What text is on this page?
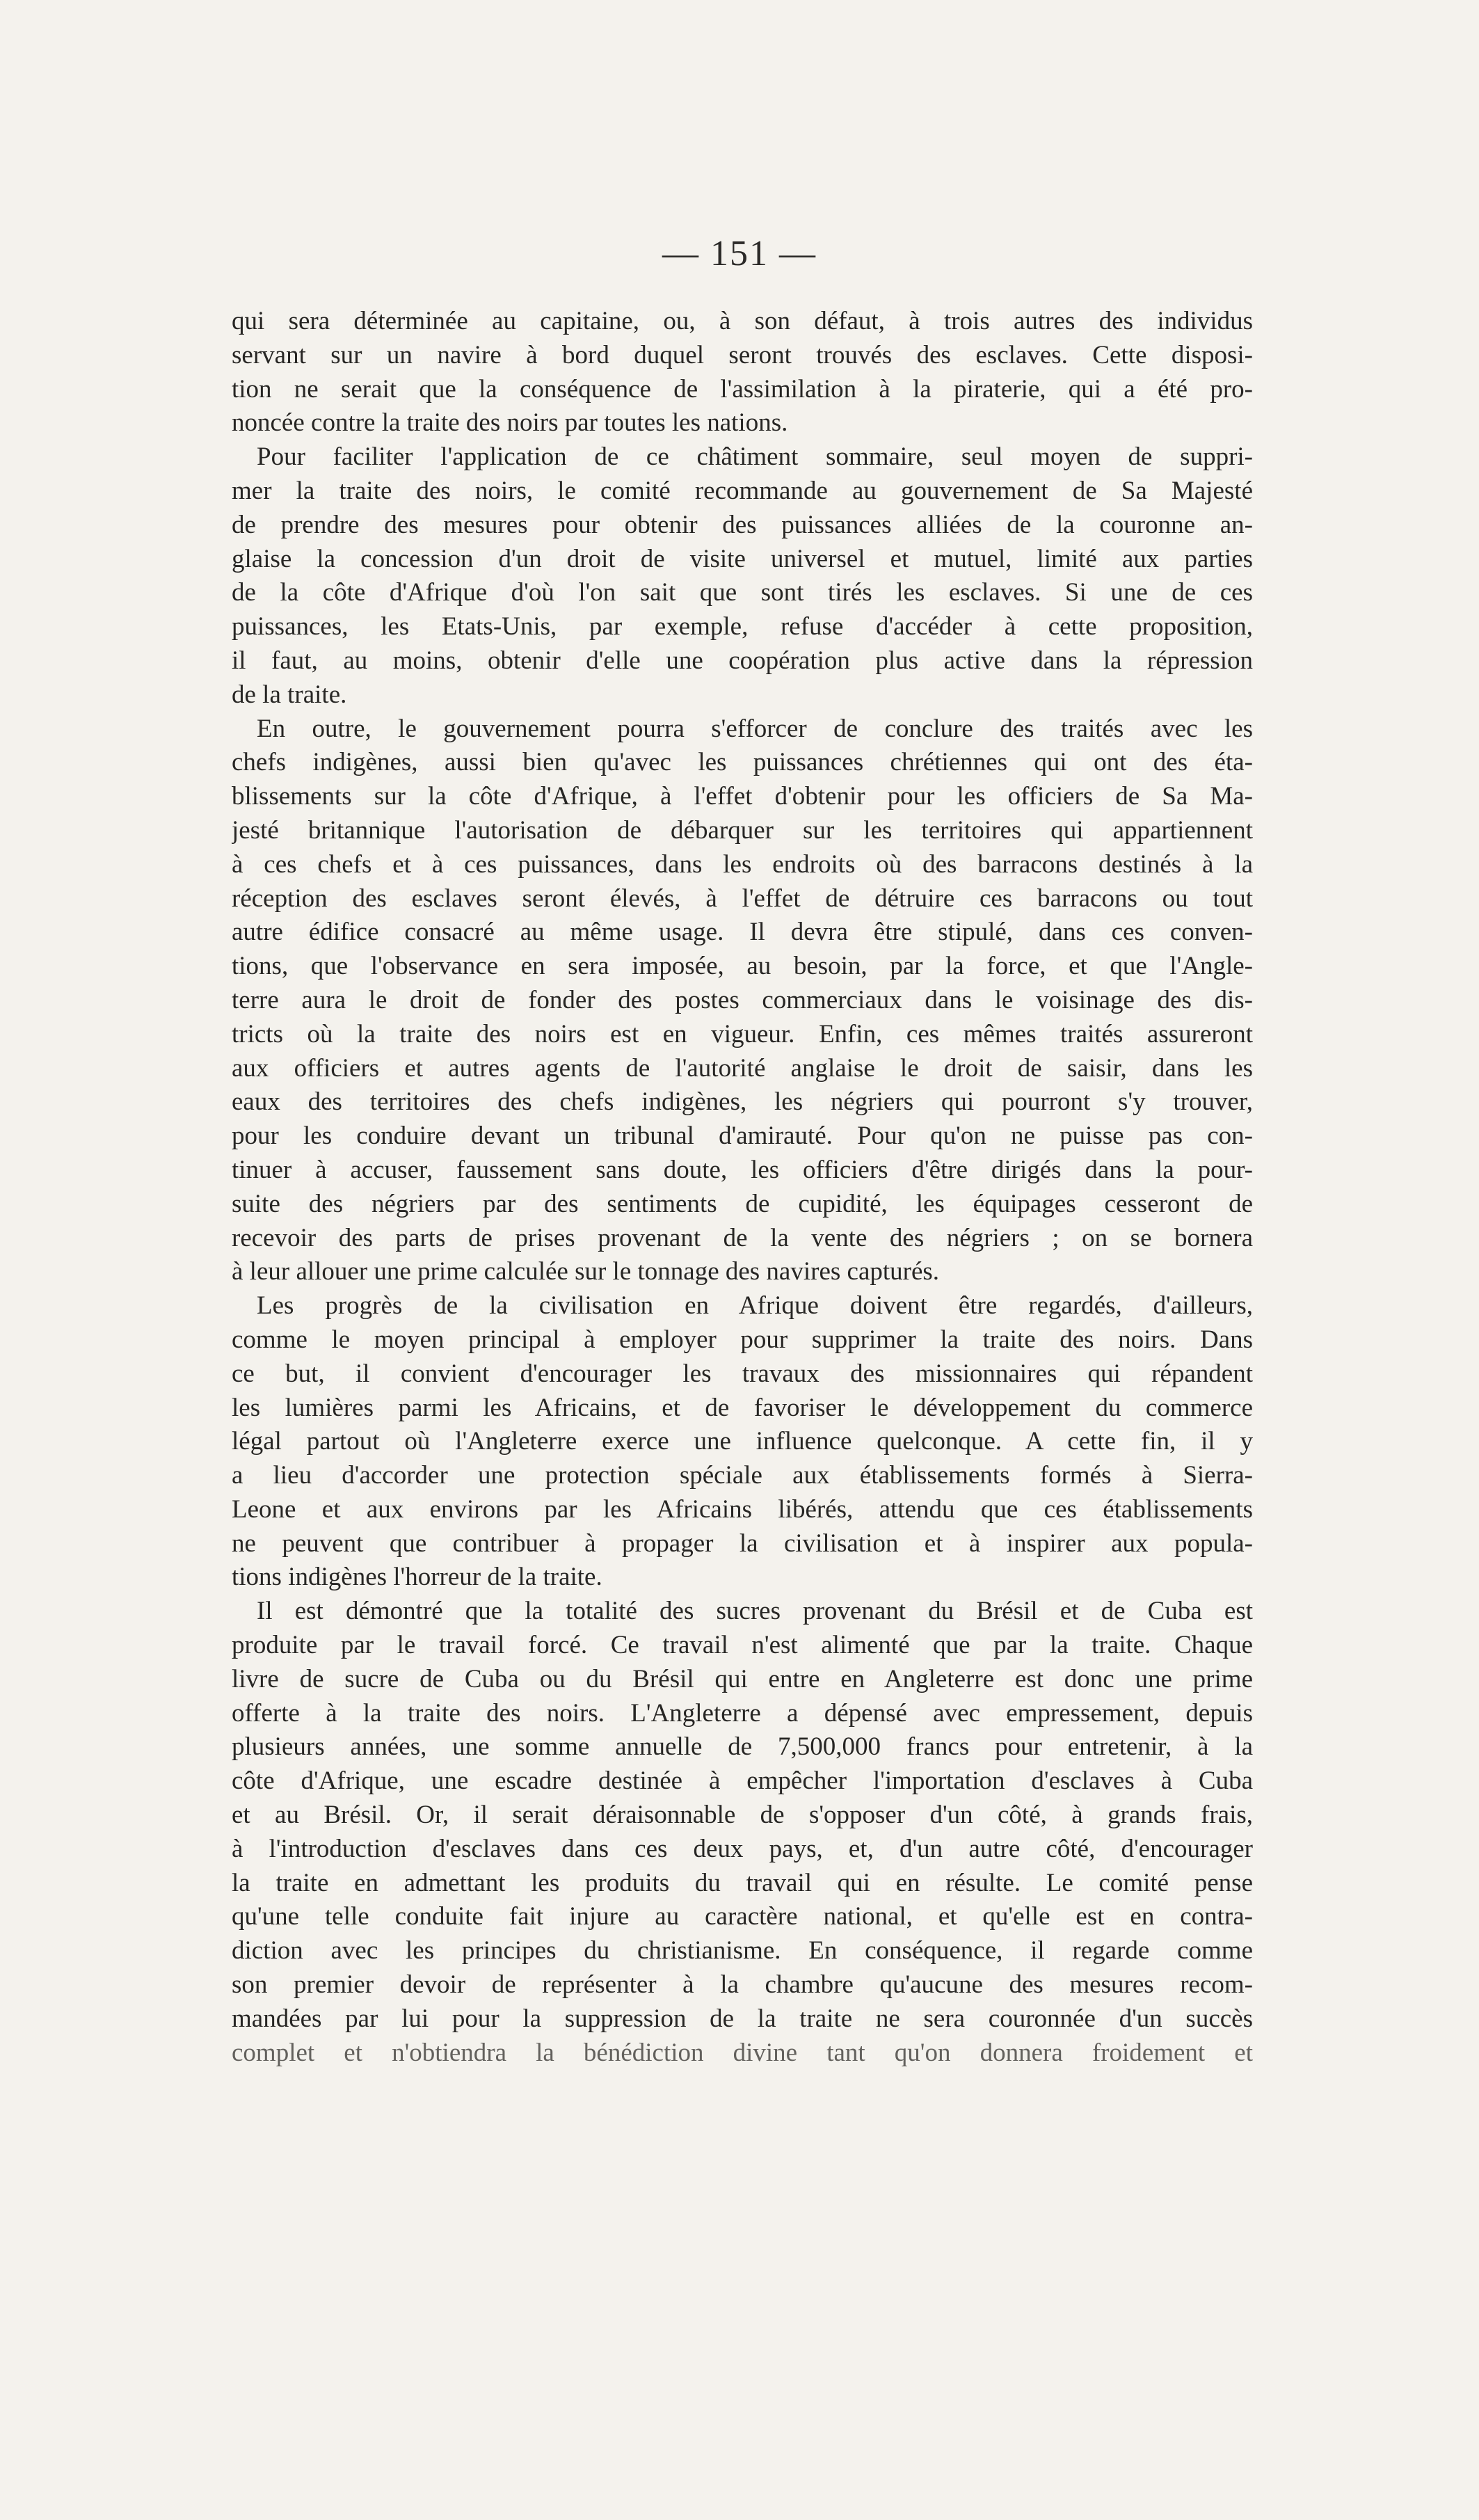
— 151 —
qui sera déterminée au capitaine, ou, à son défaut, à trois autres des individus
servant sur un navire à bord duquel seront trouvés des esclaves. Cette disposi-
tion ne serait que la conséquence de l'assimilation à la piraterie, qui a été pro-
noncée contre la traite des noirs par toutes les nations.
Pour faciliter l'application de ce châtiment sommaire, seul moyen de suppri-
mer la traite des noirs, le comité recommande au gouvernement de Sa Majesté
de prendre des mesures pour obtenir des puissances alliées de la couronne an-
glaise la concession d'un droit de visite universel et mutuel, limité aux parties
de la côte d'Afrique d'où l'on sait que sont tirés les esclaves. Si une de ces
puissances, les Etats-Unis, par exemple, refuse d'accéder à cette proposition,
il faut, au moins, obtenir d'elle une coopération plus active dans la répression
de la traite.
En outre, le gouvernement pourra s'efforcer de conclure des traités avec les
chefs indigènes, aussi bien qu'avec les puissances chrétiennes qui ont des éta-
blissements sur la côte d'Afrique, à l'effet d'obtenir pour les officiers de Sa Ma-
jesté britannique l'autorisation de débarquer sur les territoires qui appartiennent
à ces chefs et à ces puissances, dans les endroits où des barracons destinés à la
réception des esclaves seront élevés, à l'effet de détruire ces barracons ou tout
autre édifice consacré au même usage. Il devra être stipulé, dans ces conven-
tions, que l'observance en sera imposée, au besoin, par la force, et que l'Angle-
terre aura le droit de fonder des postes commerciaux dans le voisinage des dis-
tricts où la traite des noirs est en vigueur. Enfin, ces mêmes traités assureront
aux officiers et autres agents de l'autorité anglaise le droit de saisir, dans les
eaux des territoires des chefs indigènes, les négriers qui pourront s'y trouver,
pour les conduire devant un tribunal d'amirauté. Pour qu'on ne puisse pas con-
tinuer à accuser, faussement sans doute, les officiers d'être dirigés dans la pour-
suite des négriers par des sentiments de cupidité, les équipages cesseront de
recevoir des parts de prises provenant de la vente des négriers ; on se bornera
à leur allouer une prime calculée sur le tonnage des navires capturés.
Les progrès de la civilisation en Afrique doivent être regardés, d'ailleurs,
comme le moyen principal à employer pour supprimer la traite des noirs. Dans
ce but, il convient d'encourager les travaux des missionnaires qui répandent
les lumières parmi les Africains, et de favoriser le développement du commerce
légal partout où l'Angleterre exerce une influence quelconque. A cette fin, il y
a lieu d'accorder une protection spéciale aux établissements formés à Sierra-
Leone et aux environs par les Africains libérés, attendu que ces établissements
ne peuvent que contribuer à propager la civilisation et à inspirer aux popula-
tions indigènes l'horreur de la traite.
Il est démontré que la totalité des sucres provenant du Brésil et de Cuba est
produite par le travail forcé. Ce travail n'est alimenté que par la traite. Chaque
livre de sucre de Cuba ou du Brésil qui entre en Angleterre est donc une prime
offerte à la traite des noirs. L'Angleterre a dépensé avec empressement, depuis
plusieurs années, une somme annuelle de 7,500,000 francs pour entretenir, à la
côte d'Afrique, une escadre destinée à empêcher l'importation d'esclaves à Cuba
et au Brésil. Or, il serait déraisonnable de s'opposer d'un côté, à grands frais,
à l'introduction d'esclaves dans ces deux pays, et, d'un autre côté, d'encourager
la traite en admettant les produits du travail qui en résulte. Le comité pense
qu'une telle conduite fait injure au caractère national, et qu'elle est en contra-
diction avec les principes du christianisme. En conséquence, il regarde comme
son premier devoir de représenter à la chambre qu'aucune des mesures recom-
mandées par lui pour la suppression de la traite ne sera couronnée d'un succès
complet et n'obtiendra la bénédiction divine tant qu'on donnera froidement et
